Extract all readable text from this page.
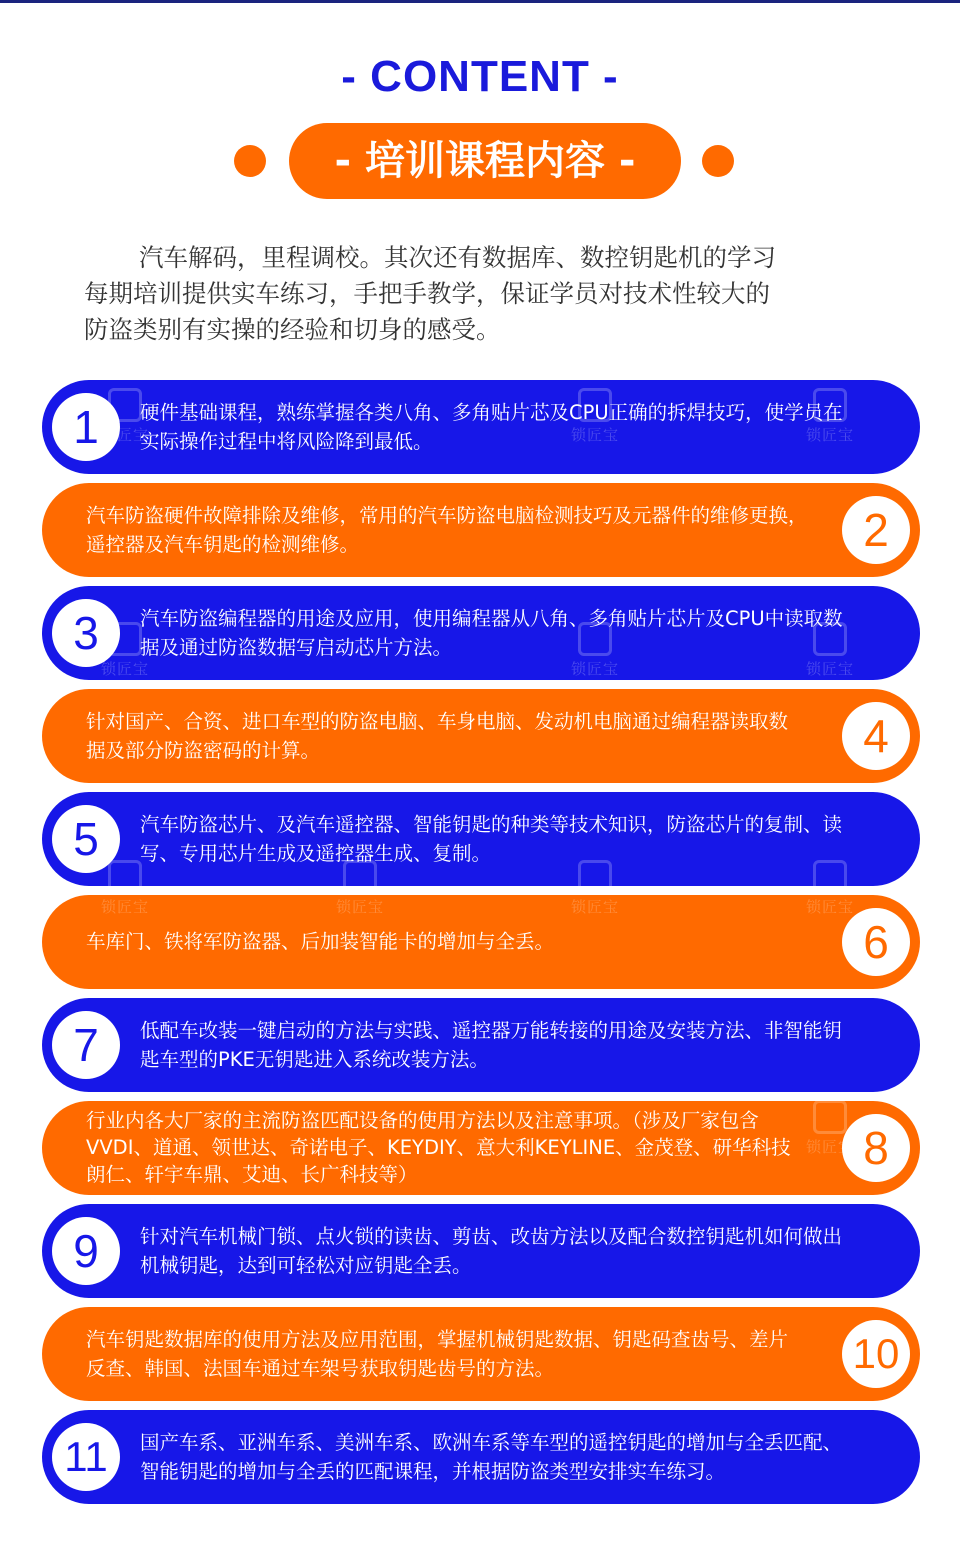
- CONTENT -
- 培训课程内容 -

汽车解码，里程调校。其次还有数据库、数控钥匙机的学习

每期培训提供实车练习，手把手教学，保证学员对技术性较大的

防盗类别有实操的经验和切身的感受。

1	硬件基础课程，熟练掌握各类八角、多角贴片芯及CPU正确的拆焊技巧，使学员在
实际操作过程中将风险降到最低。
2
汽车防盗硬件故障排除及维修，常用的汽车防盗电脑检测技巧及元器件的维修更换，
遥控器及汽车钥匙的检测维修。
3	汽车防盗编程器的用途及应用，使用编程器从八角、多角贴片芯片及CPU中读取数
据及通过防盗数据写启动芯片方法。
4
针对国产、合资、进口车型的防盗电脑、车身电脑、发动机电脑通过编程器读取数
据及部分防盗密码的计算。
5	汽车防盗芯片、及汽车遥控器、智能钥匙的种类等技术知识，防盗芯片的复制、读
写、专用芯片生成及遥控器生成、复制。
6
车库门、铁将军防盗器、后加装智能卡的增加与全丢。
7	低配车改装一键启动的方法与实践、遥控器万能转接的用途及安装方法、非智能钥
匙车型的PKE无钥匙进入系统改装方法。
8
行业内各大厂家的主流防盗匹配设备的使用方法以及注意事项。（涉及厂家包含
VVDI、道通、领世达、奇诺电子、KEYDIY、意大利KEYLINE、金茂登、研华科技
朗仁、轩宇车鼎、艾迪、长广科技等）
9	针对汽车机械门锁、点火锁的读齿、剪齿、改齿方法以及配合数控钥匙机如何做出
机械钥匙，达到可轻松对应钥匙全丢。
10
汽车钥匙数据库的使用方法及应用范围，掌握机械钥匙数据、钥匙码查齿号、差片
反查、韩国、法国车通过车架号获取钥匙齿号的方法。
11	国产车系、亚洲车系、美洲车系、欧洲车系等车型的遥控钥匙的增加与全丢匹配、
智能钥匙的增加与全丢的匹配课程，并根据防盗类型安排实车练习。
锁匠宝	锁匠宝	锁匠宝
锁匠宝	锁匠宝	锁匠宝
锁匠宝	锁匠宝	锁匠宝	锁匠宝
锁匠宝
